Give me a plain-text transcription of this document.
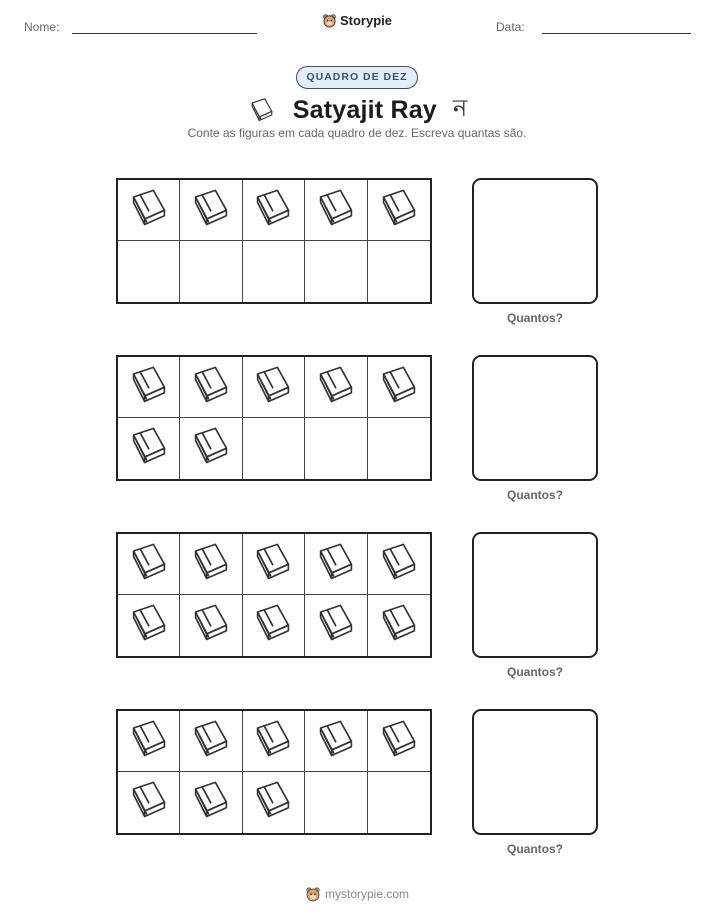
Nome:	Storypie	Data:
QUADRO DE DEZ
Satyajit Ray ন
Conte as figuras em cada quadro de dez. Escreva quantas são.
Quantos?
Quantos?
Quantos?
Quantos?
mystorypie.com
